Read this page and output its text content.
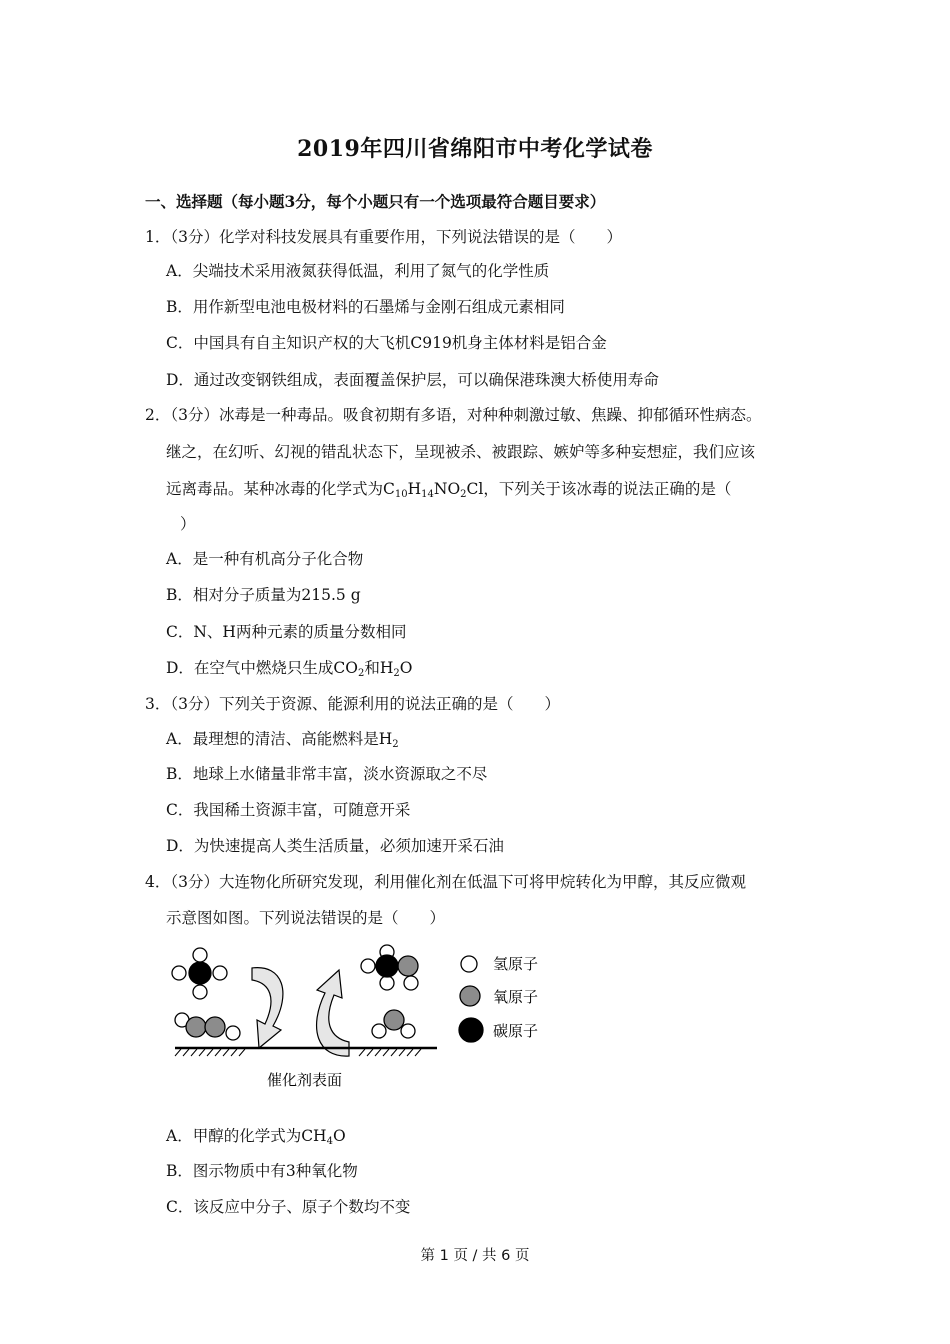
2019年四川省绵阳市中考化学试卷
一、选择题（每小题3分，每个小题只有一个选项最符合题目要求）
1．（3分）化学对科技发展具有重要作用，下列说法错误的是（　　）
A．尖端技术采用液氮获得低温，利用了氮气的化学性质
B．用作新型电池电极材料的石墨烯与金刚石组成元素相同
C．中国具有自主知识产权的大飞机C919机身主体材料是铝合金
D．通过改变钢铁组成，表面覆盖保护层，可以确保港珠澳大桥使用寿命
2．（3分）冰毒是一种毒品。吸食初期有多语，对种种刺激过敏、焦躁、抑郁循环性病态。
继之，在幻听、幻视的错乱状态下，呈现被杀、被跟踪、嫉妒等多种妄想症，我们应该
远离毒品。某种冰毒的化学式为$C_{10}H_{14}NO_2Cl$，下列关于该冰毒的说法正确的是（
）
A．是一种有机高分子化合物
B．相对分子质量为215.5 g
C．N、H两种元素的质量分数相同
D．在空气中燃烧只生成$CO_2$和$H_2O$
3．（3分）下列关于资源、能源利用的说法正确的是（　　）
A．最理想的清洁、高能燃料是$H_2$
B．地球上水储量非常丰富，淡水资源取之不尽
C．我国稀土资源丰富，可随意开采
D．为快速提高人类生活质量，必须加速开采石油
4．（3分）大连物化所研究发现，利用催化剂在低温下可将甲烷转化为甲醇，其反应微观
示意图如图。下列说法错误的是（　　）
氢原子
氧原子
碳原子
催化剂表面
A．甲醇的化学式为$CH_4O$
B．图示物质中有3种氧化物
C．该反应中分子、原子个数均不变
第 1 页 / 共 6 页
